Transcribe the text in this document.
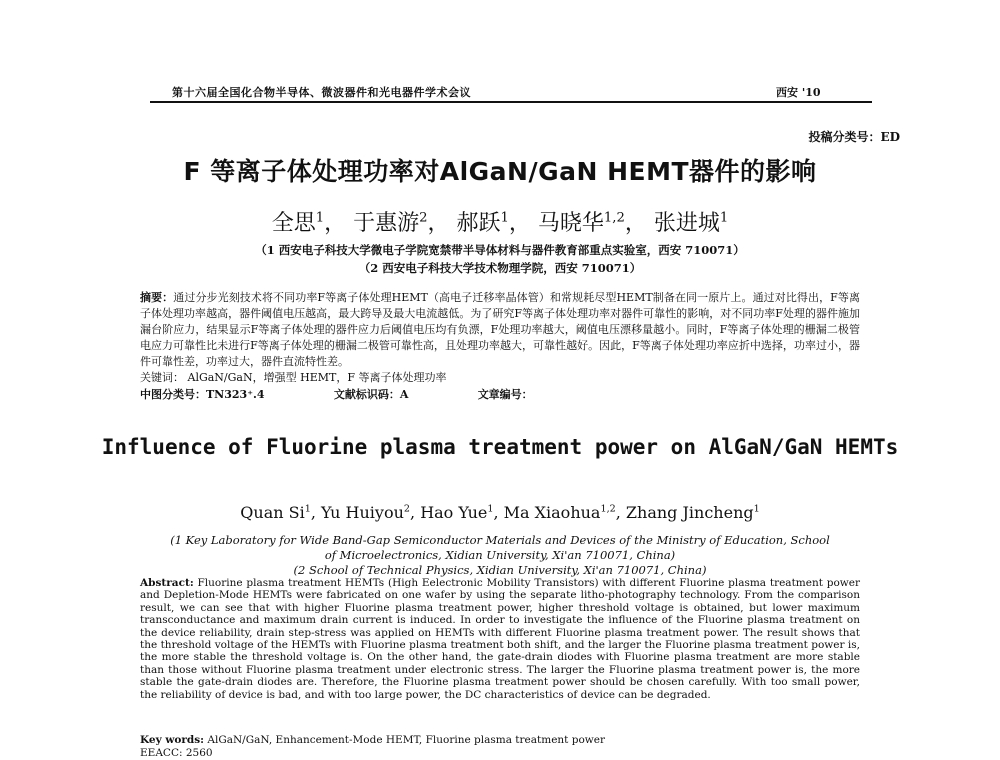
第十六届全国化合物半导体、微波器件和光电器件学术会议	西安 '10
投稿分类号：ED
F 等离子体处理功率对AlGaN/GaN HEMT器件的影响
全思$^1$， 于惠游$^2$， 郝跃$^1$， 马晓华$^{1,2}$， 张进城$^1$
（1 西安电子科技大学微电子学院宽禁带半导体材料与器件教育部重点实验室，西安 710071）
（2 西安电子科技大学技术物理学院，西安 710071）
摘要：通过分步光刻技术将不同功率F等离子体处理HEMT（高电子迁移率晶体管）和常规耗尽型HEMT制备在同一原片上。通过对比得出，F等离子体处理功率越高，器件阈值电压越高，最大跨导及最大电流越低。为了研究F等离子体处理功率对器件可靠性的影响，对不同功率F处理的器件施加漏台阶应力，结果显示F等离子体处理的器件应力后阈值电压均有负漂，F处理功率越大，阈值电压漂移量越小。同时，F等离子体处理的栅漏二极管电应力可靠性比未进行F等离子体处理的栅漏二极管可靠性高，且处理功率越大，可靠性越好。因此，F等离子体处理功率应折中选择，功率过小，器件可靠性差，功率过大，器件直流特性差。
关键词： AlGaN/GaN，增强型 HEMT，F 等离子体处理功率
中图分类号：TN323⁺.4	文献标识码：A	文章编号：
Influence of Fluorine plasma treatment power on AlGaN/GaN HEMTs
Quan Si$^1$, Yu Huiyou$^2$, Hao Yue$^1$, Ma Xiaohua$^{1,2}$, Zhang Jincheng$^1$
(1 Key Laboratory for Wide Band-Gap Semiconductor Materials and Devices of the Ministry of Education, School of Microelectronics, Xidian University, Xi'an 710071, China)
(2 School of Technical Physics, Xidian University, Xi'an 710071, China)
Abstract: Fluorine plasma treatment HEMTs (High Eelectronic Mobility Transistors) with different Fluorine plasma treatment power and Depletion-Mode HEMTs were fabricated on one wafer by using the separate litho-photography technology. From the comparison result, we can see that with higher Fluorine plasma treatment power, higher threshold voltage is obtained, but lower maximum transconductance and maximum drain current is induced. In order to investigate the influence of the Fluorine plasma treatment on the device reliability, drain step-stress was applied on HEMTs with different Fluorine plasma treatment power. The result shows that the threshold voltage of the HEMTs with Fluorine plasma treatment both shift, and the larger the Fluorine plasma treatment power is, the more stable the threshold voltage is. On the other hand, the gate-drain diodes with Fluorine plasma treatment are more stable than those without Fluorine plasma treatment under electronic stress. The larger the Fluorine plasma treatment power is, the more stable the gate-drain diodes are. Therefore, the Fluorine plasma treatment power should be chosen carefully. With too small power, the reliability of device is bad, and with too large power, the DC characteristics of device can be degraded.
Key words: AlGaN/GaN, Enhancement-Mode HEMT, Fluorine plasma treatment power
EEACC: 2560
